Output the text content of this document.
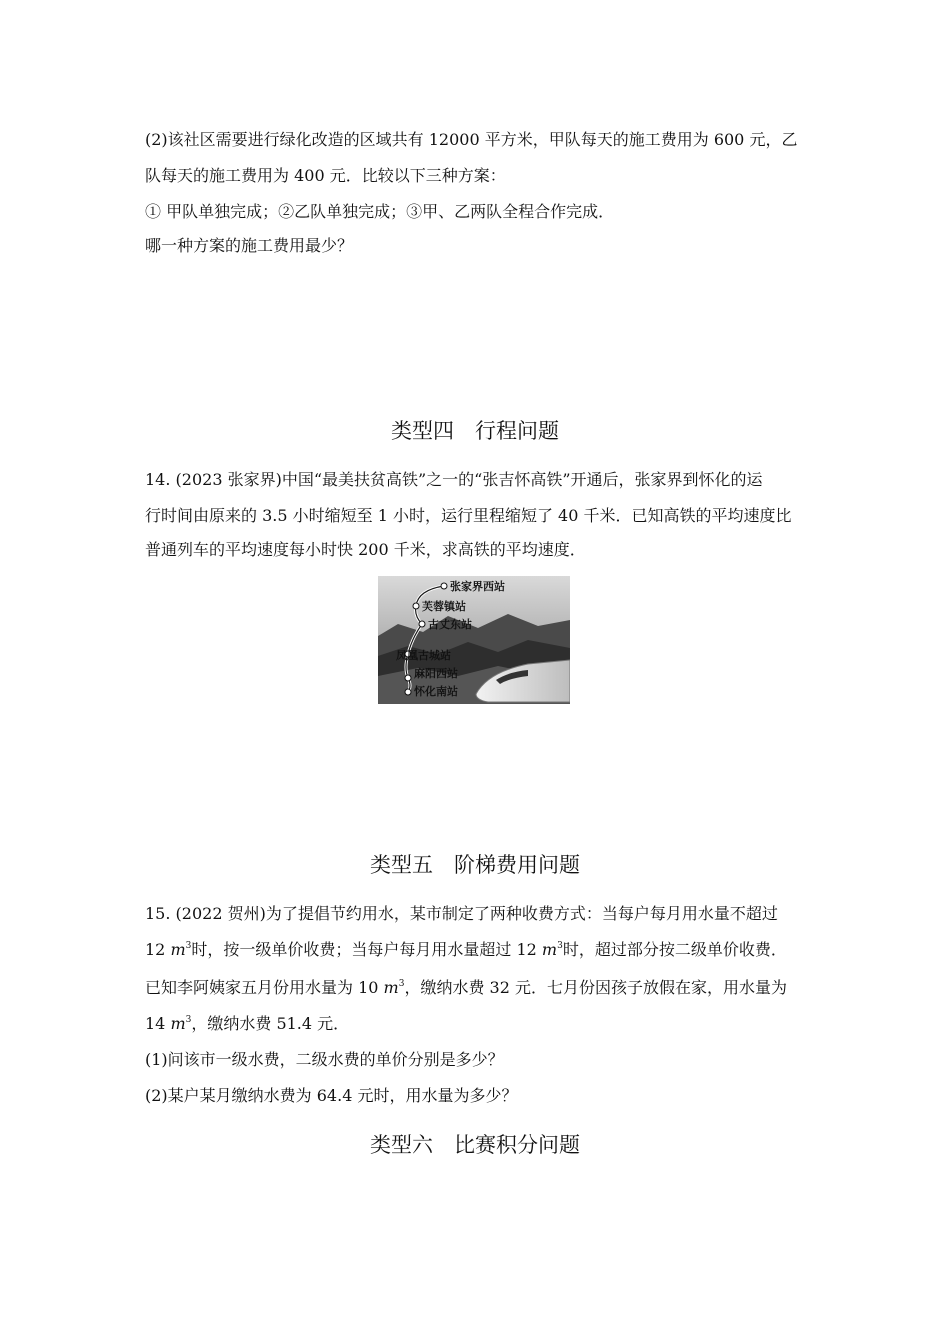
(2)该社区需要进行绿化改造的区域共有 12000 平方米，甲队每天的施工费用为 600 元，乙
队每天的施工费用为 400 元．比较以下三种方案：
① 甲队单独完成；②乙队单独完成；③甲、乙两队全程合作完成．
哪一种方案的施工费用最少？
类型四　行程问题
14. (2023 张家界)中国“最美扶贫高铁”之一的“张吉怀高铁”开通后，张家界到怀化的运
行时间由原来的 3.5 小时缩短至 1 小时，运行里程缩短了 40 千米．已知高铁的平均速度比
普通列车的平均速度每小时快 200 千米，求高铁的平均速度．
张家界西站
芙蓉镇站
古丈东站
凤凰古城站
麻阳西站
怀化南站
类型五　阶梯费用问题
15. (2022 贺州)为了提倡节约用水，某市制定了两种收费方式：当每户每月用水量不超过
12 $m^3$时，按一级单价收费；当每户每月用水量超过 12 $m^3$时，超过部分按二级单价收费．
已知李阿姨家五月份用水量为 10 $m^3$，缴纳水费 32 元．七月份因孩子放假在家，用水量为
14 $m^3$，缴纳水费 51.4 元．
(1)问该市一级水费，二级水费的单价分别是多少？
(2)某户某月缴纳水费为 64.4 元时，用水量为多少？
类型六　比赛积分问题
